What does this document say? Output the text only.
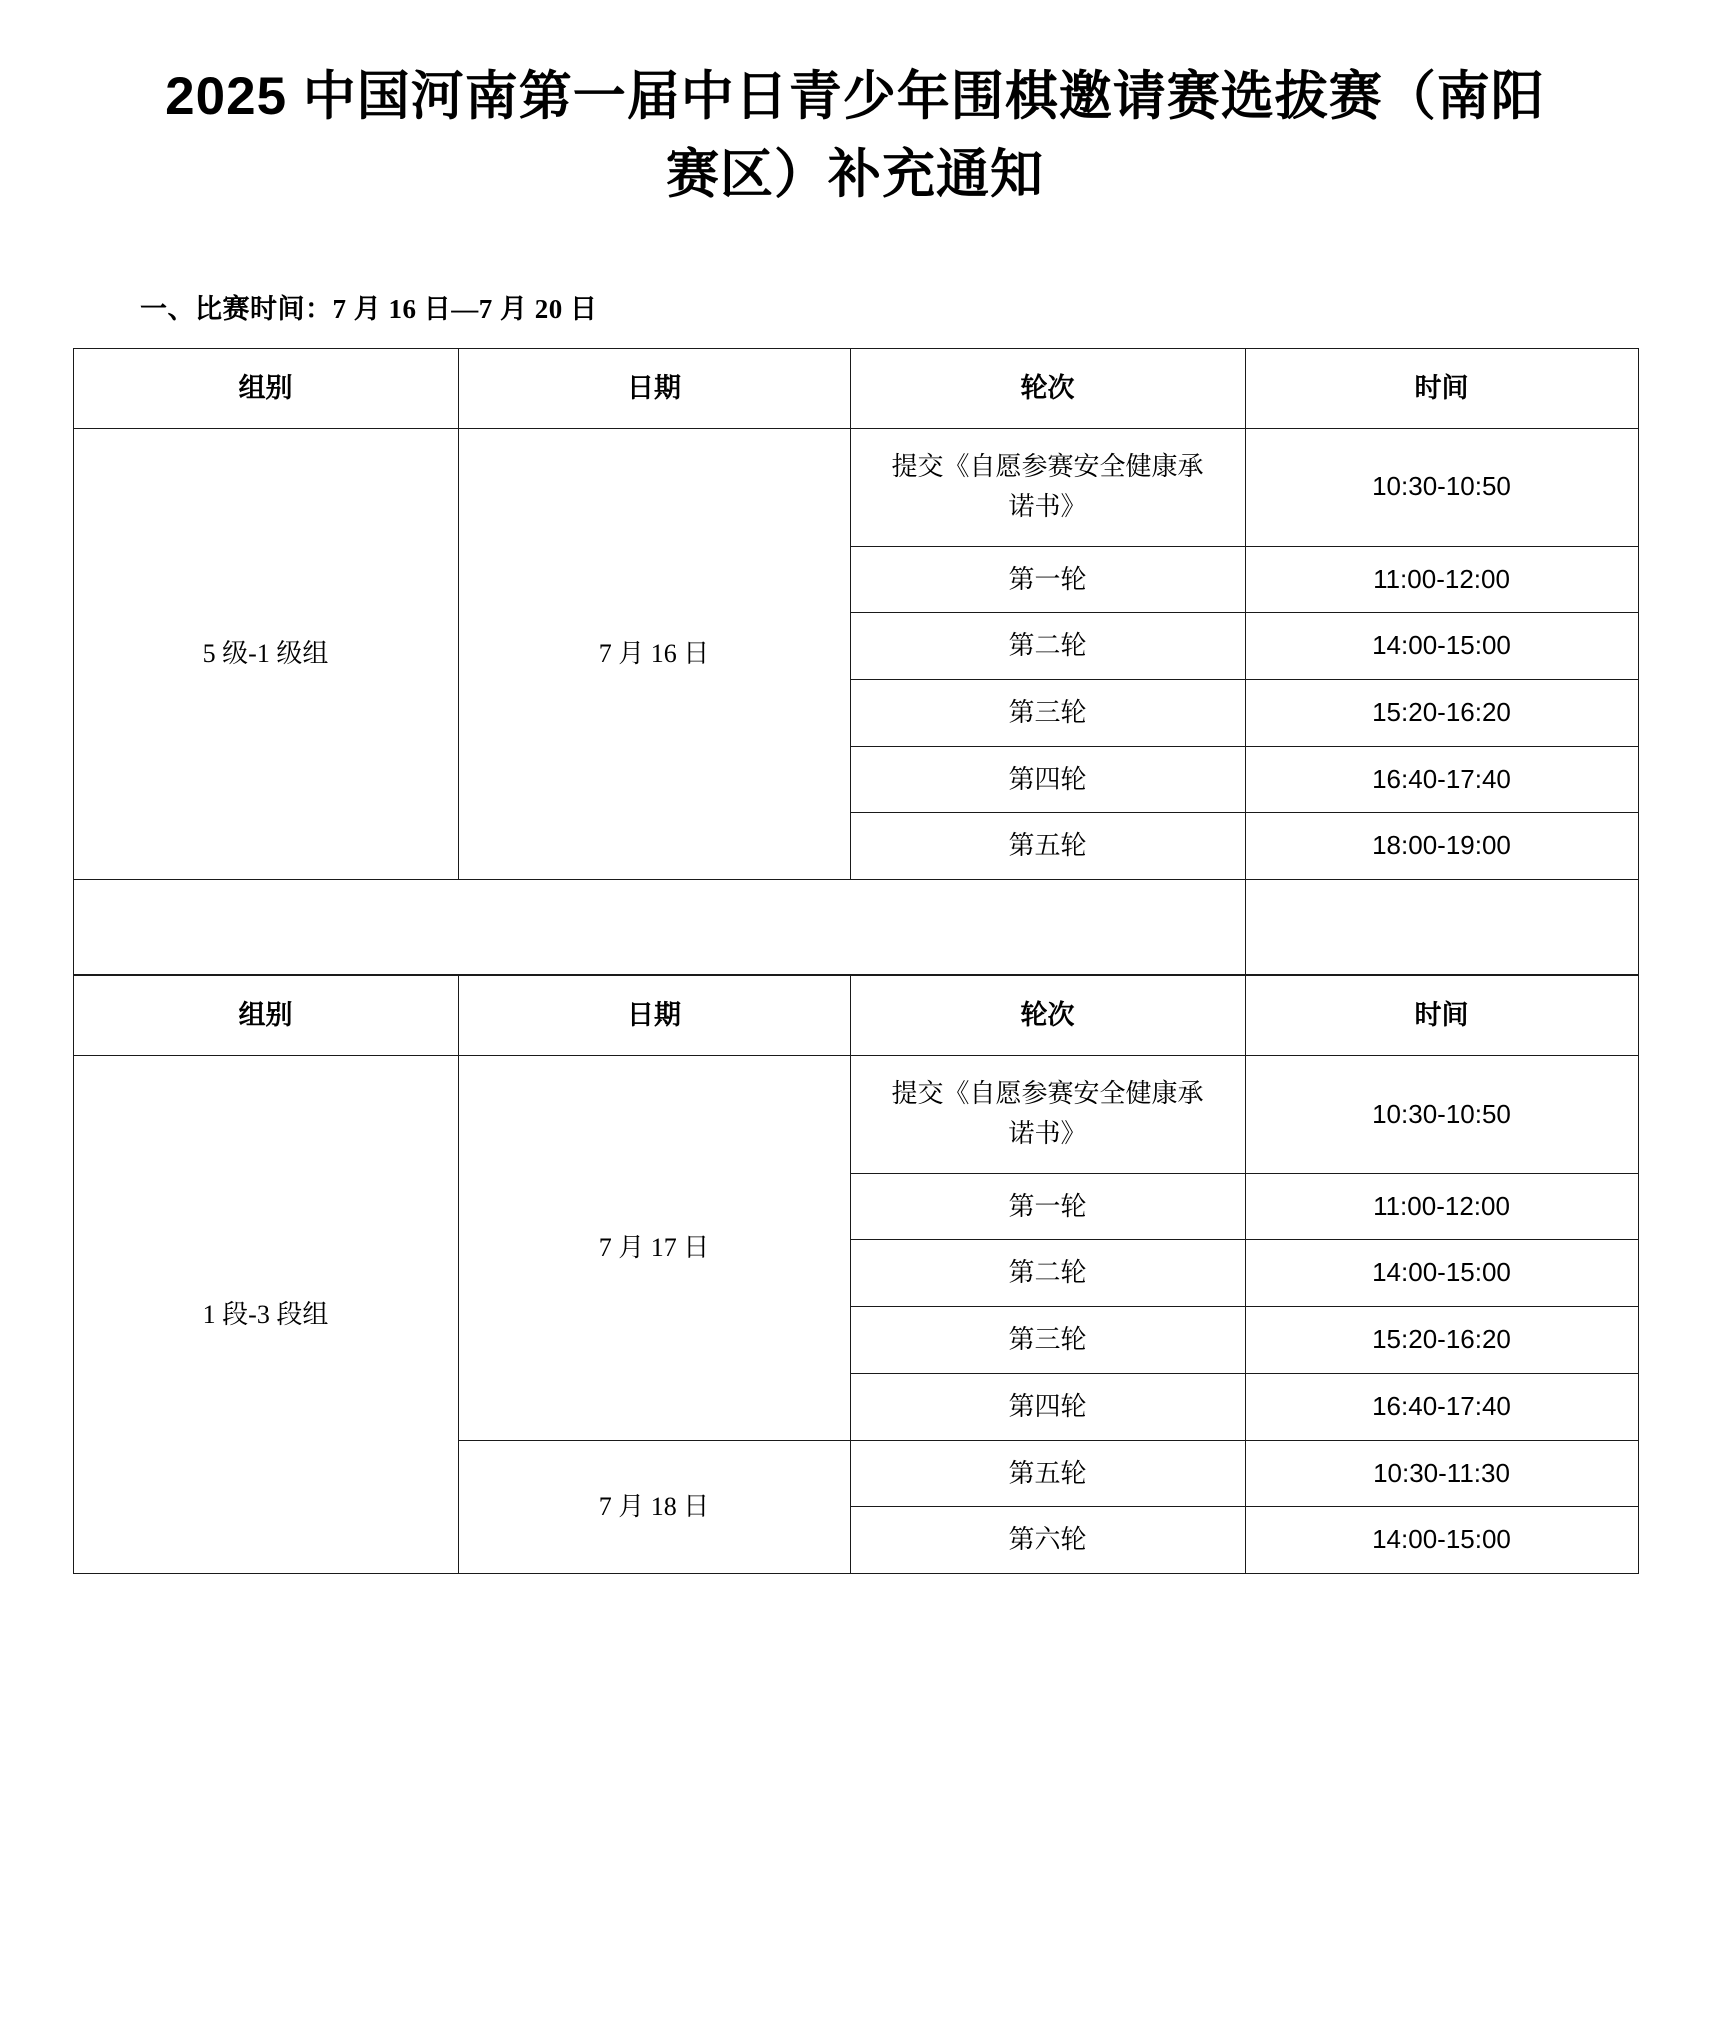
2025 中国河南第一届中日青少年围棋邀请赛选拔赛（南阳赛区）补充通知
一、比赛时间：7 月 16 日—7 月 20 日
组别	日期	轮次	时间
5 级-1 级组	7 月 16 日	提交《自愿参赛安全健康承诺书》	10:30-10:50
		第一轮	11:00-12:00
		第二轮	14:00-15:00
		第三轮	15:20-16:20
		第四轮	16:40-17:40
		第五轮	18:00-19:00

组别	日期	轮次	时间
1 段-3 段组	7 月 17 日	提交《自愿参赛安全健康承诺书》	10:30-10:50
		第一轮	11:00-12:00
		第二轮	14:00-15:00
		第三轮	15:20-16:20
		第四轮	16:40-17:40
	7 月 18 日	第五轮	10:30-11:30
		第六轮	14:00-15:00
